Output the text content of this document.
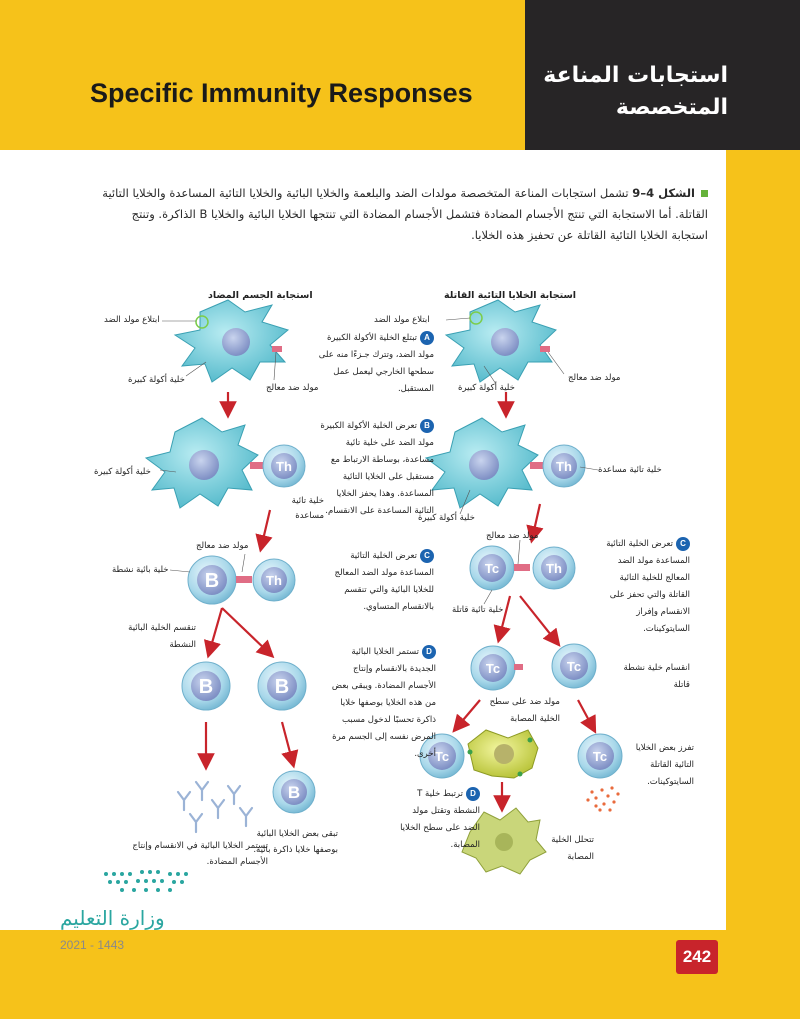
Specific Immunity Responses
استجابات المناعة
المتخصصة
الشكل 4–9 تشمل استجابات المناعة المتخصصة مولدات الضد والبلعمة والخلايا البائية والخلايا التائية المساعدة والخلايا التائية القاتلة. أما الاستجابة التي تنتج الأجسام المضادة فتشمل الأجسام المضادة التي تنتجها الخلايا البائية والخلايا B الذاكرة. وتنتج استجابة الخلايا التائية القاتلة عن تحفيز هذه الخلايا.
Th	Th
B	Th
Tc	Th
B	B
B
Tc	Tc
Tc	Tc
استجابة الجسم المضاد	استجابة الخلايا التائية القاتلة
ابتلاع مولد الضد
خلية أكولة كبيرة
مولد ضد معالج
ابتلاع مولد الضد
مولد ضد معالج
خلية أكولة كبيرة
خلية أكولة كبيرة
خلية تائية مساعدة
خلية تائية مساعدة
خلية أكولة كبيرة
مولد ضد معالج
خلية بائية نشطة
مولد ضد معالج
خلية تائية قاتلة
تنقسم الخلية البائية النشطة
انقسام خلية نشطة قاتلة
مولد ضد على سطح الخلية المصابة
تستمر الخلايا البائية في الانقسام وإنتاج الأجسام المضادة.
تبقى بعض الخلايا البائية بوصفها خلايا ذاكرة بائية.
تتحلل الخلية المصابة
تفرز بعض الخلايا التائية القاتلة السايتوكينات.
Aتبتلع الخلية الأكولة الكبيرة مولد الضد، وتترك جـزءًا منه على سطحها الخارجي ليعمل عمل المستقبل.
Bتعرض الخلية الأكولة الكبيرة مولد الضد على خلية تائية مساعدة، بوساطة الارتباط مع مستقبل على الخلايا التائية المساعدة. وهذا يحفز الخلايا التائية المساعدة على الانقسام.
Cتعرض الخلية التائية المساعدة مولد الضد المعالج للخلايا البائية والتي تنقسم بالانقسام المتساوي.
Cتعرض الخلية التائية المساعدة مولد الضد المعالج للخلية التائية القاتلة والتي تحفز على الانقسام وإفراز السايتوكينات.
Dتستمر الخلايا البائية الجديدة بالانقسام وإنتاج الأجسام المضادة. ويبقى بعض من هذه الخلايا بوصفها خلايا ذاكرة تحسبًا لدخول مسبب المرض نفسه إلى الجسم مرة أخرى.
Dترتبط خلية T النشطة وتقتل مولد الضد على سطح الخلايا المصابة.
وزارة التعليم
2021 - 1443
242
